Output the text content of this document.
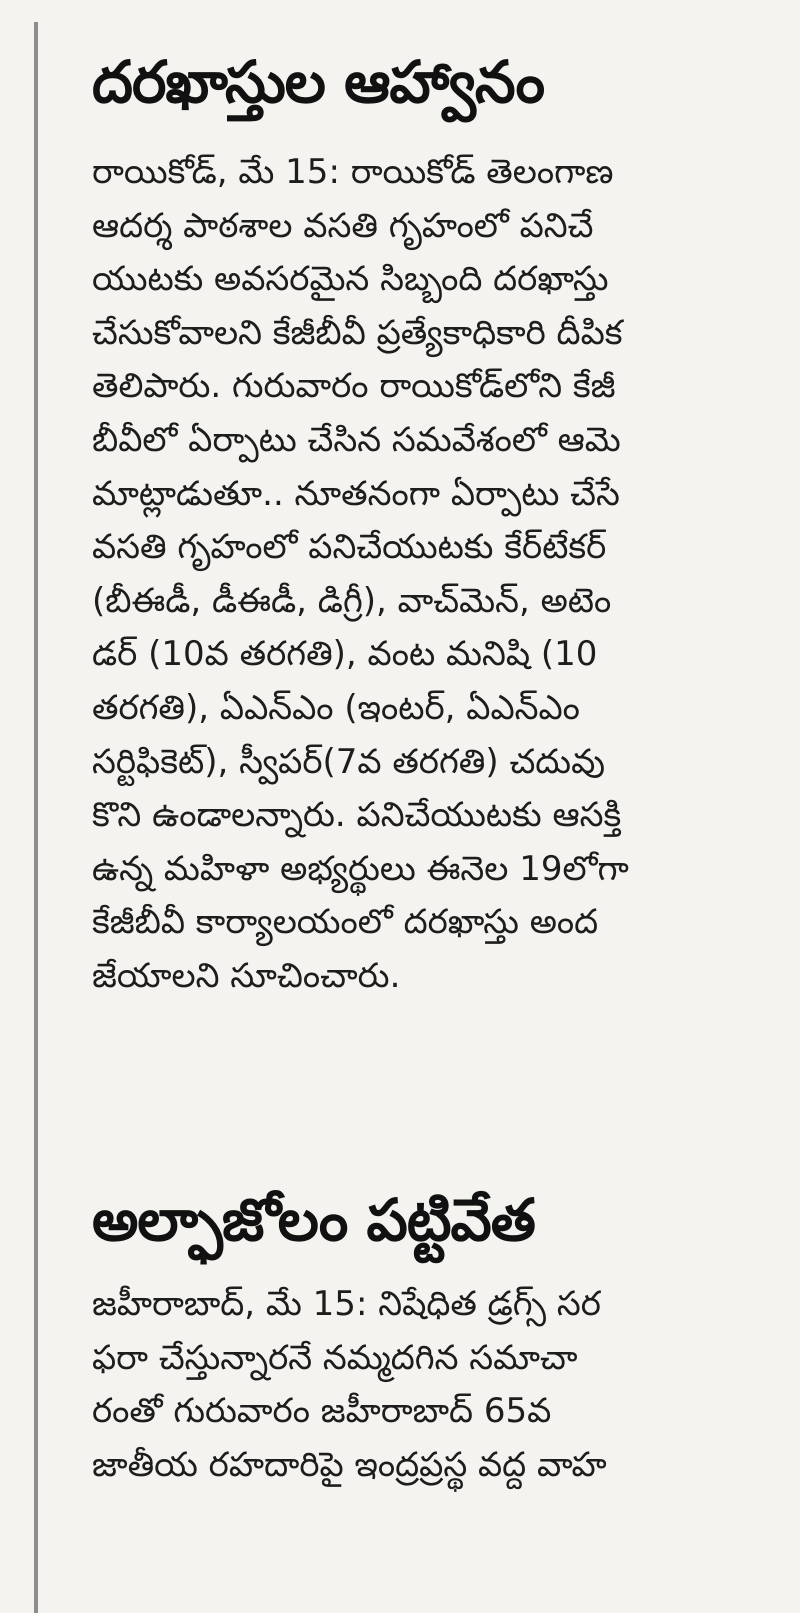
దరఖాస్తుల ఆహ్వానం

రాయికోడ్, మే 15: రాయికోడ్ తెలంగాణ

ఆదర్శ పాఠశాల వసతి గృహంలో పనిచే

యుటకు అవసరమైన సిబ్బంది దరఖాస్తు

చేసుకోవాలని కేజీబీవీ ప్రత్యేకాధికారి దీపిక

తెలిపారు. గురువారం రాయికోడ్‌లోని కేజీ

బీవీలో ఏర్పాటు చేసిన సమవేశంలో ఆమె

మాట్లాడుతూ.. నూతనంగా ఏర్పాటు చేసే

వసతి గృహంలో పనిచేయుటకు కేర్‌టేకర్

(బీఈడీ, డీఈడీ, డిగ్రీ), వాచ్‌మెన్, అటెం

డర్ (10వ తరగతి), వంట మనిషి (10

తరగతి), ఏఎన్ఎం (ఇంటర్, ఏఎన్ఎం

సర్టిఫికెట్), స్వీపర్(7వ తరగతి) చదువు

కొని ఉండాలన్నారు. పనిచేయుటకు ఆసక్తి

ఉన్న మహిళా అభ్యర్థులు ఈనెల 19లోగా

కేజీబీవీ కార్యాలయంలో దరఖాస్తు అంద

జేయాలని సూచించారు.

అల్ఫాజోలం పట్టివేత

జహీరాబాద్, మే 15: నిషేధిత డ్రగ్స్ సర

ఫరా చేస్తున్నారనే నమ్మదగిన సమాచా

రంతో గురువారం జహీరాబాద్ 65వ

జాతీయ రహదారిపై ఇంద్రప్రస్థ వద్ద వాహ
